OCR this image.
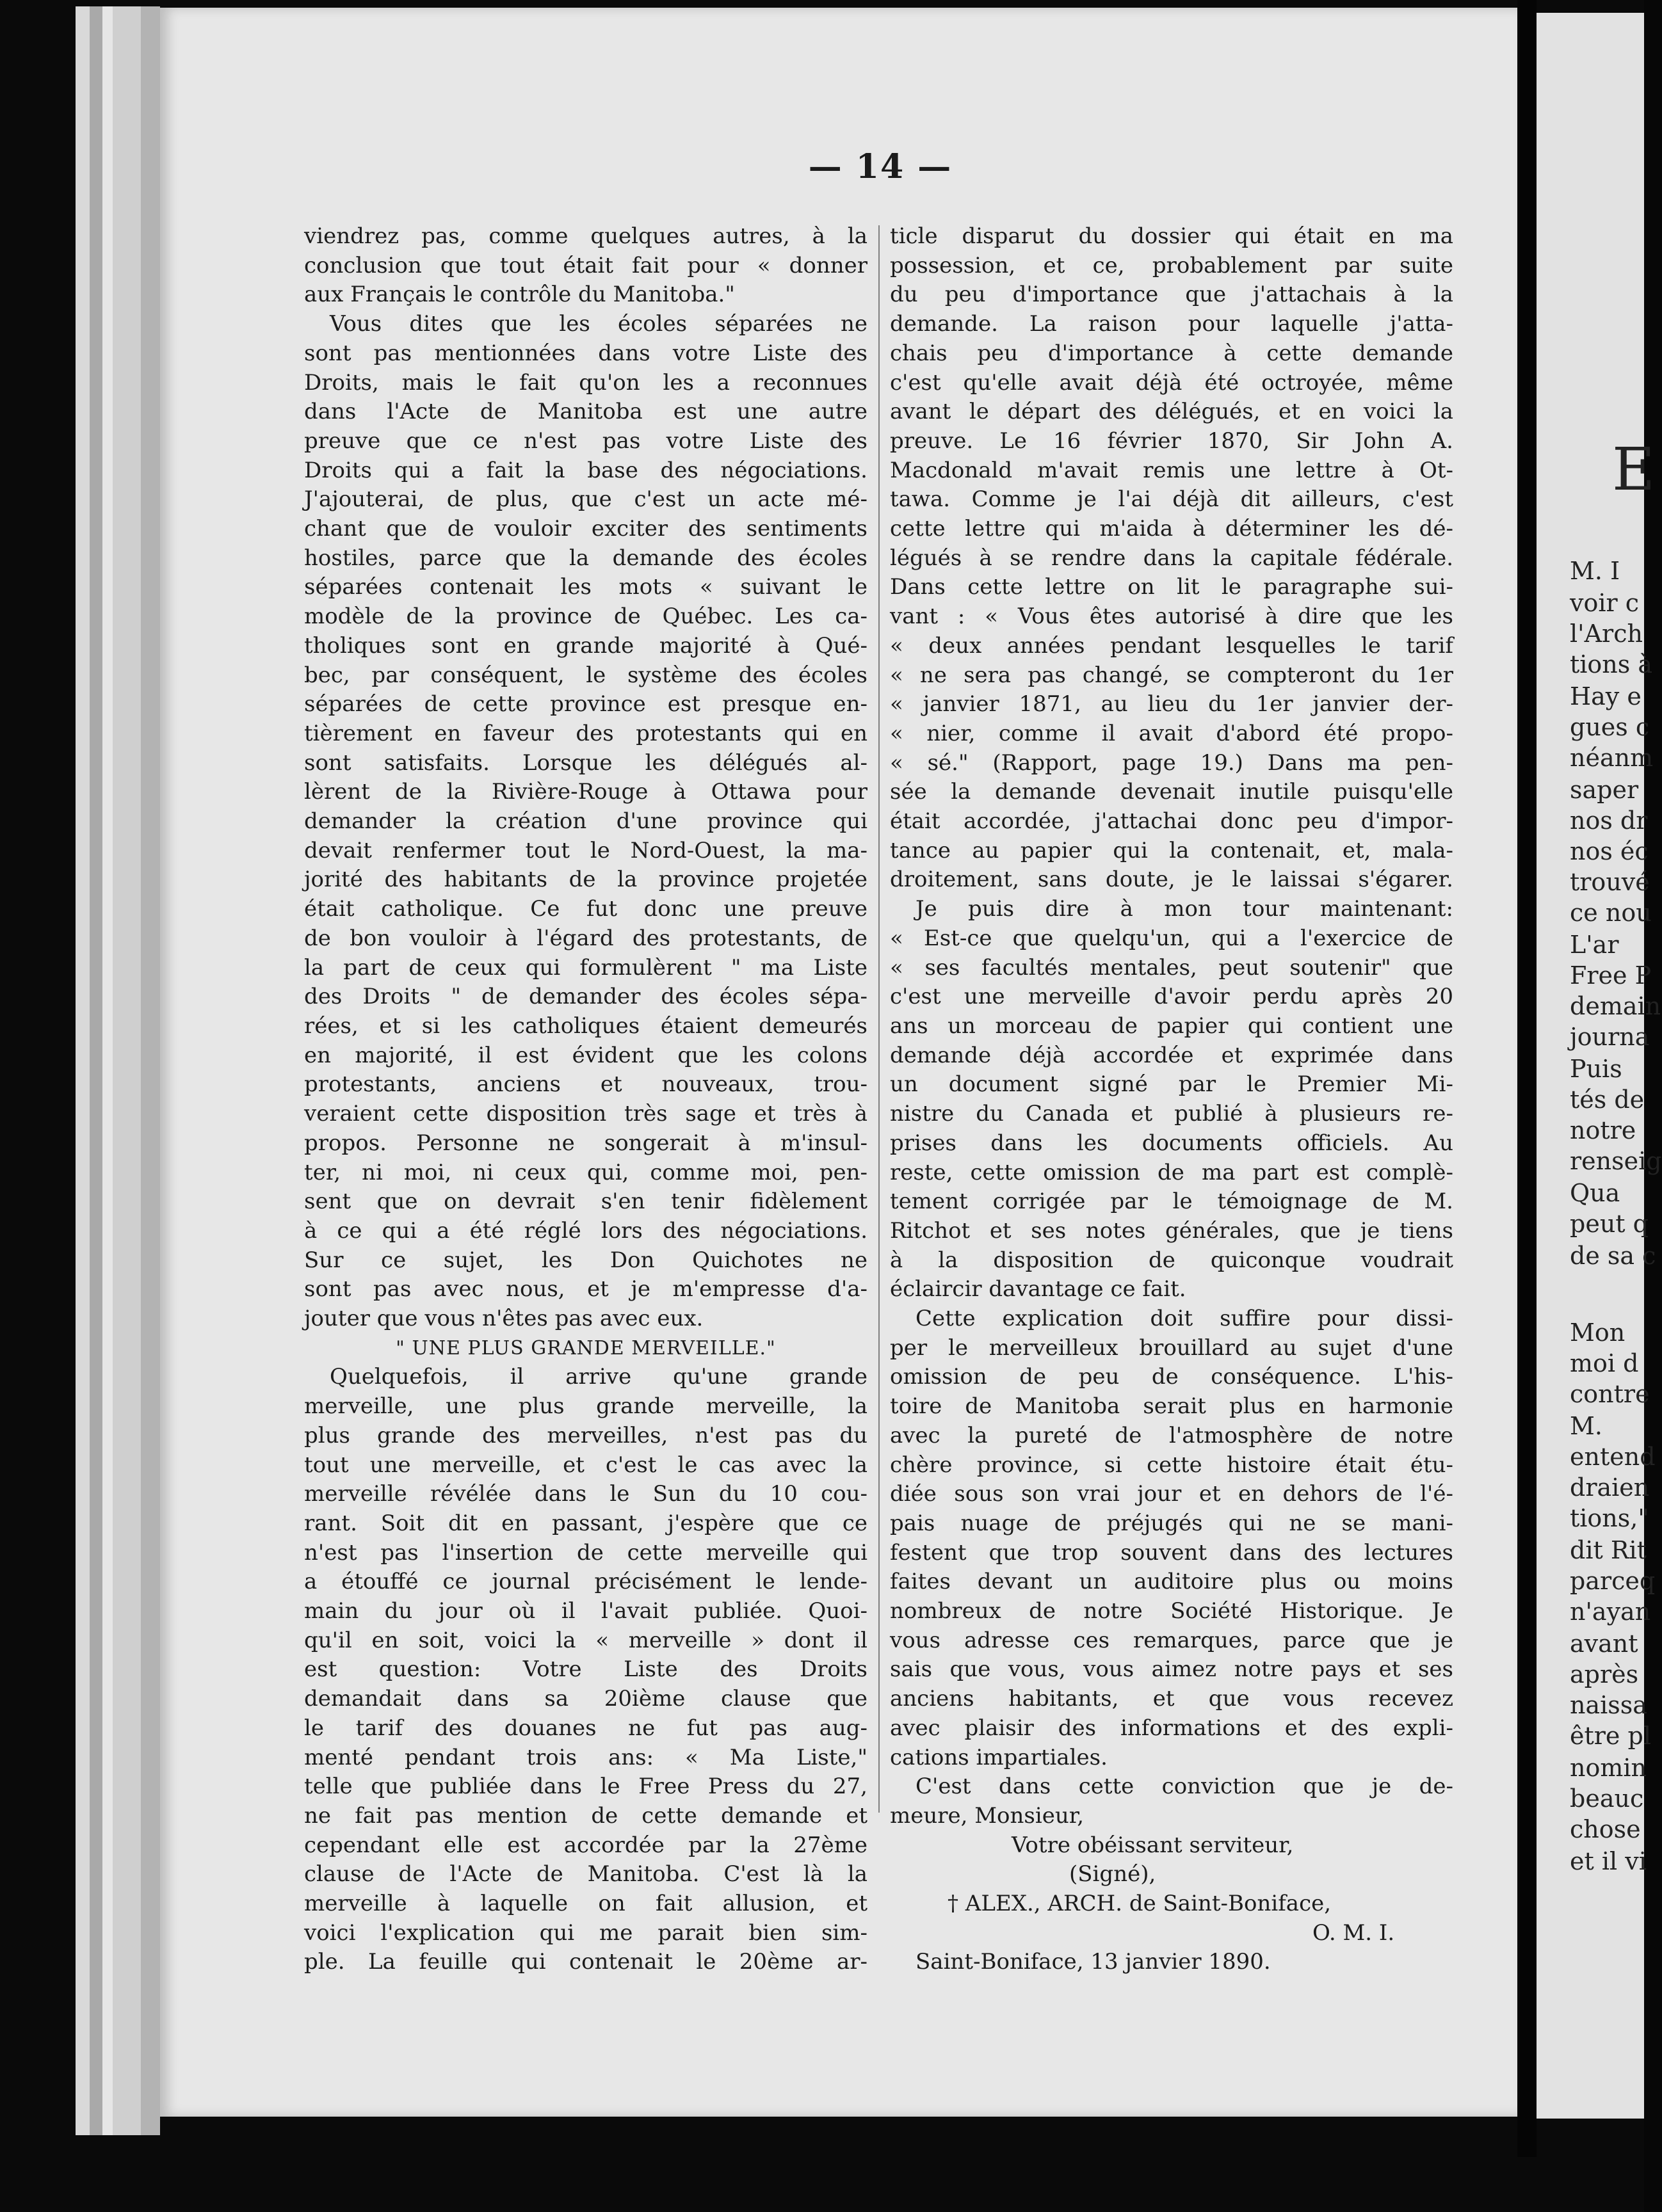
— 14 —
viendrez pas, comme quelques autres, à la
conclusion que tout était fait pour « donner
aux Français le contrôle du Manitoba."
Vous dites que les écoles séparées ne
sont pas mentionnées dans votre Liste des
Droits, mais le fait qu'on les a reconnues
dans l'Acte de Manitoba est une autre
preuve que ce n'est pas votre Liste des
Droits qui a fait la base des négociations.
J'ajouterai, de plus, que c'est un acte mé-
chant que de vouloir exciter des sentiments
hostiles, parce que la demande des écoles
séparées contenait les mots « suivant le
modèle de la province de Québec. Les ca-
tholiques sont en grande majorité à Qué-
bec, par conséquent, le système des écoles
séparées de cette province est presque en-
tièrement en faveur des protestants qui en
sont satisfaits. Lorsque les délégués al-
lèrent de la Rivière-Rouge à Ottawa pour
demander la création d'une province qui
devait renfermer tout le Nord-Ouest, la ma-
jorité des habitants de la province projetée
était catholique. Ce fut donc une preuve
de bon vouloir à l'égard des protestants, de
la part de ceux qui formulèrent " ma Liste
des Droits " de demander des écoles sépa-
rées, et si les catholiques étaient demeurés
en majorité, il est évident que les colons
protestants, anciens et nouveaux, trou-
veraient cette disposition très sage et très à
propos. Personne ne songerait à m'insul-
ter, ni moi, ni ceux qui, comme moi, pen-
sent que on devrait s'en tenir fidèlement
à ce qui a été réglé lors des négociations.
Sur ce sujet, les Don Quichotes ne
sont pas avec nous, et je m'empresse d'a-
jouter que vous n'êtes pas avec eux.
" UNE PLUS GRANDE MERVEILLE."
Quelquefois, il arrive qu'une grande
merveille, une plus grande merveille, la
plus grande des merveilles, n'est pas du
tout une merveille, et c'est le cas avec la
merveille révélée dans le Sun du 10 cou-
rant. Soit dit en passant, j'espère que ce
n'est pas l'insertion de cette merveille qui
a étouffé ce journal précisément le lende-
main du jour où il l'avait publiée. Quoi-
qu'il en soit, voici la « merveille » dont il
est question: Votre Liste des Droits
demandait dans sa 20ième clause que
le tarif des douanes ne fut pas aug-
menté pendant trois ans: « Ma Liste,"
telle que publiée dans le Free Press du 27,
ne fait pas mention de cette demande et
cependant elle est accordée par la 27ème
clause de l'Acte de Manitoba. C'est là la
merveille à laquelle on fait allusion, et
voici l'explication qui me parait bien sim-
ple. La feuille qui contenait le 20ème ar-
ticle disparut du dossier qui était en ma
possession, et ce, probablement par suite
du peu d'importance que j'attachais à la
demande. La raison pour laquelle j'atta-
chais peu d'importance à cette demande
c'est qu'elle avait déjà été octroyée, même
avant le départ des délégués, et en voici la
preuve. Le 16 février 1870, Sir John A.
Macdonald m'avait remis une lettre à Ot-
tawa. Comme je l'ai déjà dit ailleurs, c'est
cette lettre qui m'aida à déterminer les dé-
légués à se rendre dans la capitale fédérale.
Dans cette lettre on lit le paragraphe sui-
vant : « Vous êtes autorisé à dire que les
« deux années pendant lesquelles le tarif
« ne sera pas changé, se compteront du 1er
« janvier 1871, au lieu du 1er janvier der-
« nier, comme il avait d'abord été propo-
« sé." (Rapport, page 19.) Dans ma pen-
sée la demande devenait inutile puisqu'elle
était accordée, j'attachai donc peu d'impor-
tance au papier qui la contenait, et, mala-
droitement, sans doute, je le laissai s'égarer.
Je puis dire à mon tour maintenant:
« Est-ce que quelqu'un, qui a l'exercice de
« ses facultés mentales, peut soutenir" que
c'est une merveille d'avoir perdu après 20
ans un morceau de papier qui contient une
demande déjà accordée et exprimée dans
un document signé par le Premier Mi-
nistre du Canada et publié à plusieurs re-
prises dans les documents officiels. Au
reste, cette omission de ma part est complè-
tement corrigée par le témoignage de M.
Ritchot et ses notes générales, que je tiens
à la disposition de quiconque voudrait
éclaircir davantage ce fait.
Cette explication doit suffire pour dissi-
per le merveilleux brouillard au sujet d'une
omission de peu de conséquence. L'his-
toire de Manitoba serait plus en harmonie
avec la pureté de l'atmosphère de notre
chère province, si cette histoire était étu-
diée sous son vrai jour et en dehors de l'é-
pais nuage de préjugés qui ne se mani-
festent que trop souvent dans des lectures
faites devant un auditoire plus ou moins
nombreux de notre Société Historique. Je
vous adresse ces remarques, parce que je
sais que vous, vous aimez notre pays et ses
anciens habitants, et que vous recevez
avec plaisir des informations et des expli-
cations impartiales.
C'est dans cette conviction que je de-
meure, Monsieur,
Votre obéissant serviteur,
(Signé),
† ALEX., ARCH. de Saint-Boniface,
O. M. I.
Saint-Boniface, 13 janvier 1890.
E
M. I
voir c
l'Arch
tions à
Hay e
gues c
néanm
saper
nos dr
nos éc
trouvé
ce nou
L'ar
Free P
demain
journa
Puis
tés de
notre
renseig
Qua
peut q
de sa c
Mon
moi d
contre
M.
entend
draien
tions,"
dit Rit
parceq
n'ayan
avant
après
naissa
être pl
nomin
beauc
chose
et il vi
